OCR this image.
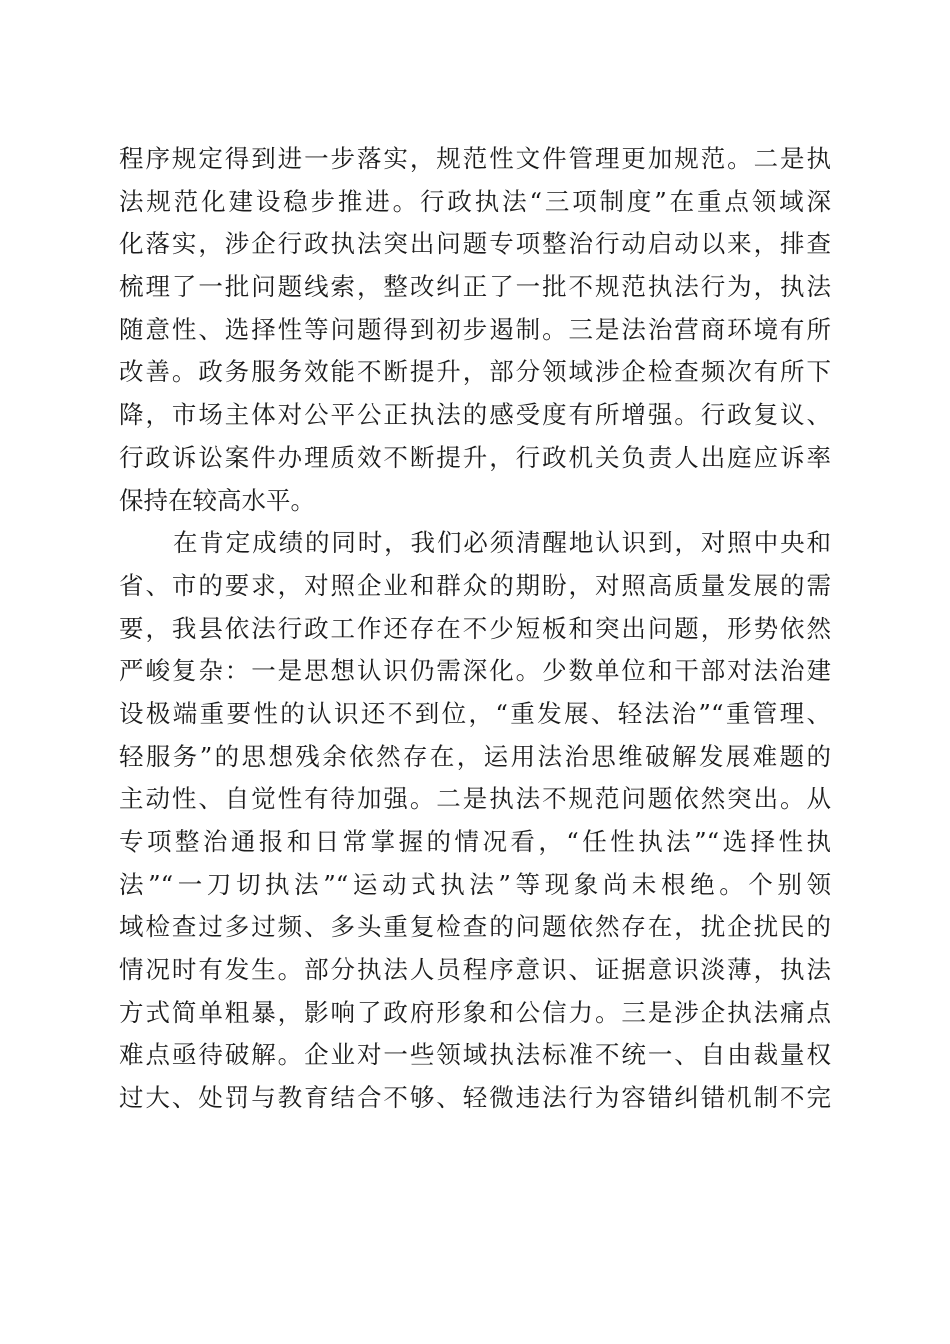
程序规定得到进一步落实，规范性文件管理更加规范。二是执
法规范化建设稳步推进。行政执法“三项制度”在重点领域深
化落实，涉企行政执法突出问题专项整治行动启动以来，排查
梳理了一批问题线索，整改纠正了一批不规范执法行为，执法
随意性、选择性等问题得到初步遏制。三是法治营商环境有所
改善。政务服务效能不断提升，部分领域涉企检查频次有所下
降，市场主体对公平公正执法的感受度有所增强。行政复议、
行政诉讼案件办理质效不断提升，行政机关负责人出庭应诉率
保持在较高水平。
在肯定成绩的同时，我们必须清醒地认识到，对照中央和
省、市的要求，对照企业和群众的期盼，对照高质量发展的需
要，我县依法行政工作还存在不少短板和突出问题，形势依然
严峻复杂：一是思想认识仍需深化。少数单位和干部对法治建
设极端重要性的认识还不到位，“重发展、轻法治”“重管理、
轻服务”的思想残余依然存在，运用法治思维破解发展难题的
主动性、自觉性有待加强。二是执法不规范问题依然突出。从
专项整治通报和日常掌握的情况看，“任性执法”“选择性执
法”“一刀切执法”“运动式执法”等现象尚未根绝。个别领
域检查过多过频、多头重复检查的问题依然存在，扰企扰民的
情况时有发生。部分执法人员程序意识、证据意识淡薄，执法
方式简单粗暴，影响了政府形象和公信力。三是涉企执法痛点
难点亟待破解。企业对一些领域执法标准不统一、自由裁量权
过大、处罚与教育结合不够、轻微违法行为容错纠错机制不完
